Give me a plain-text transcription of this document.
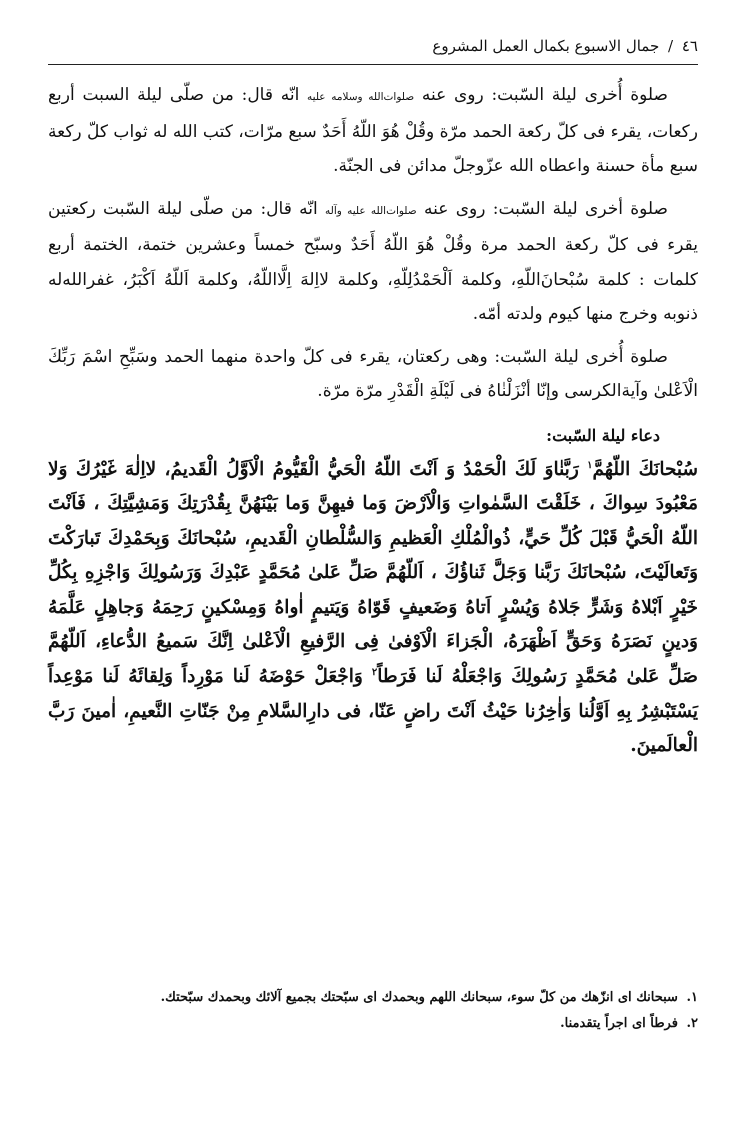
٤٦ / جمال الاسبوع بكمال العمل المشروع

صلوة أُخرى ليلة السّبت: روى عنه صلوات‌الله وسلامه عليه انّه قال: من صلّى ليلة السبت أربع ركعات، يقرء فى كلّ ركعة الحمد مرّة وقُلْ هُوَ اللّهُ أَحَدٌ سبع مرّات، كتب الله له ثواب كلّ ركعة سبع مأة حسنة واعطاه الله عزّوجلّ مدائن فى الجنّة.

صلوة أخرى ليلة السّبت: روى عنه صلوات‌الله عليه وآله انّه قال: من صلّى ليلة السّبت ركعتين يقرء فى كلّ ركعة الحمد مرة وقُلْ هُوَ اللّهُ أَحَدٌ وسبّح خمساً وعشرين ختمة، الختمة أربع كلمات : كلمة سُبْحانَ‌اللّهِ، وكلمة اَلْحَمْدُلِلّهِ، وكلمة لااِلهَ اِلَّااللّهُ، وكلمة اَللّهُ اَكْبَرُ، غفرالله‌له ذنوبه وخرج منها كيوم ولدته أمّه.

صلوة أُخرى ليلة السّبت: وهى ركعتان، يقرء فى كلّ واحدة منهما الحمد وسَبِّحِ اسْمَ رَبِّكَ الْاَعْلىٰ وآية‌الكرسى وإنّا أنْزَلْنٰاهُ فى لَيْلَةِ الْقَدْرِ مرّة مرّة.

دعاء ليلة السّبت:

سُبْحانَكَ اللّهُمَّ$^١$ رَبَّنٰاوَ لَكَ الْحَمْدُ وَ اَنْتَ اللّهُ الْحَيُّ الْقَيُّومُ الْاَوَّلُ الْقَديمُ، لااِلٰهَ غَيْرُكَ وَلا مَعْبُودَ سِواكَ ، خَلَقْتَ السَّمٰواتِ وَالْاَرْضَ وَما فيهِنَّ وَما بَيْنَهُنَّ بِقُدْرَتِكَ وَمَشِيَّتِكَ ، فَاَنْتَ اللّهُ الْحَيُّ قَبْلَ كُلِّ حَيٍّ، ذُوالْمُلْكِ الْعَظيمِ وَالسُّلْطانِ الْقَديمِ، سُبْحانَكَ وَبِحَمْدِكَ تَبارَكْتَ وَتَعالَيْتَ، سُبْحانَكَ رَبَّنا وَجَلَّ ثَناؤُكَ ، اَللّهُمَّ صَلِّ عَلىٰ مُحَمَّدٍ عَبْدِكَ وَرَسُولِكَ وَاجْزِهِ بِكُلِّ خَيْرٍ اَبْلاهُ وَشَرٍّ جَلاهُ وَيُسْرٍ اَتاهُ وَضَعيفٍ قَوّاهُ وَيَتيمٍ اٰواهُ وَمِسْكينٍ رَحِمَهُ وَجاهِلٍ عَلَّمَهُ وَدينٍ نَصَرَهُ وَحَقٍّ اَظْهَرَهُ، الْجَزاءَ الْاَوْفىٰ فِى الرَّفيعِ الْاَعْلىٰ اِنَّكَ سَميعُ الدُّعاءِ، اَللّهُمَّ صَلِّ عَلىٰ مُحَمَّدٍ رَسُولِكَ وَاجْعَلْهُ لَنا فَرَطاً$^٢$ وَاجْعَلْ حَوْضَهُ لَنا مَوْرِداً وَلِقائَهُ لَنا مَوْعِداً يَسْتَبْشِرُ بِهِ اَوَّلُنا وَاٰخِرُنا حَيْثُ اَنْتَ راضٍ عَنّا، فى دارِالسَّلامِ مِنْ جَنّاتِ النَّعيمِ، اٰمينَ رَبَّ الْعالَمينَ.

١. سبحانك اى انزّهك من كلّ سوء، سبحانك اللهم وبحمدك اى سبّحتك بجميع آلائك وبحمدك سبّحتك.

٢. فرطاً اى اجراً يتقدمنا.
